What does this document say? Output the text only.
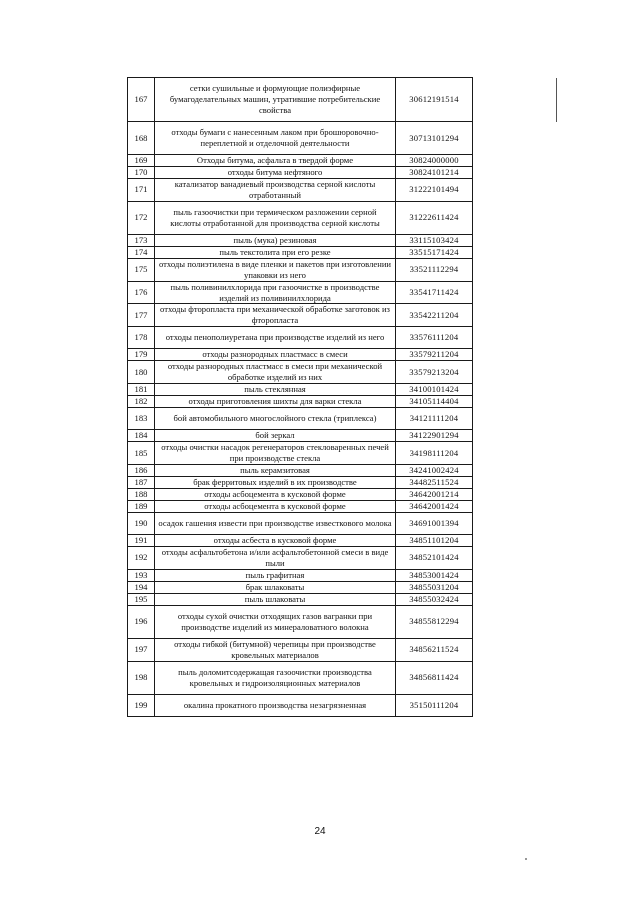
167	сетки сушильные и формующие полиэфирные бумагоделательных машин, утратившие потребительские свойства	30612191514
168	отходы бумаги с нанесенным лаком при брошюровочно-переплетной и отделочной деятельности	30713101294
169	Отходы битума, асфальта в твердой форме	30824000000
170	отходы битума нефтяного	30824101214
171	катализатор ванадиевый производства серной кислоты отработанный	31222101494
172	пыль газоочистки при термическом разложении серной кислоты отработанной для производства серной кислоты	31222611424
173	пыль (мука) резиновая	33115103424
174	пыль текстолита при его резке	33515171424
175	отходы полиэтилена в виде пленки и пакетов при изготовлении упаковки из него	33521112294
176	пыль поливинилхлорида при газоочистке в производстве изделий из поливинилхлорида	33541711424
177	отходы фторопласта при механической обработке заготовок из фторопласта	33542211204
178	отходы пенополиуретана при производстве изделий из него	33576111204
179	отходы разнородных пластмасс в смеси	33579211204
180	отходы разнородных пластмасс в смеси при механической обработке изделий из них	33579213204
181	пыль стеклянная	34100101424
182	отходы приготовления шихты для варки стекла	34105114404
183	бой автомобильного многослойного стекла (триплекса)	34121111204
184	бой зеркал	34122901294
185	отходы очистки насадок регенераторов стекловаренных печей при производстве стекла	34198111204
186	пыль керамзитовая	34241002424
187	брак ферритовых изделий в их производстве	34482511524
188	отходы асбоцемента в кусковой форме	34642001214
189	отходы асбоцемента в кусковой форме	34642001424
190	осадок гашения извести при производстве известкового молока	34691001394
191	отходы асбеста в кусковой форме	34851101204
192	отходы асфальтобетона и/или асфальтобетонной смеси в виде пыли	34852101424
193	пыль графитная	34853001424
194	брак шлаковаты	34855031204
195	пыль шлаковаты	34855032424
196	отходы сухой очистки отходящих газов вагранки при производстве изделий из минераловатного волокна	34855812294
197	отходы гибкой (битумной) черепицы при производстве кровельных материалов	34856211524
198	пыль доломитсодержащая газоочистки производства кровельных и гидроизоляционных материалов	34856811424
199	окалина прокатного производства незагрязненная	35150111204
24
